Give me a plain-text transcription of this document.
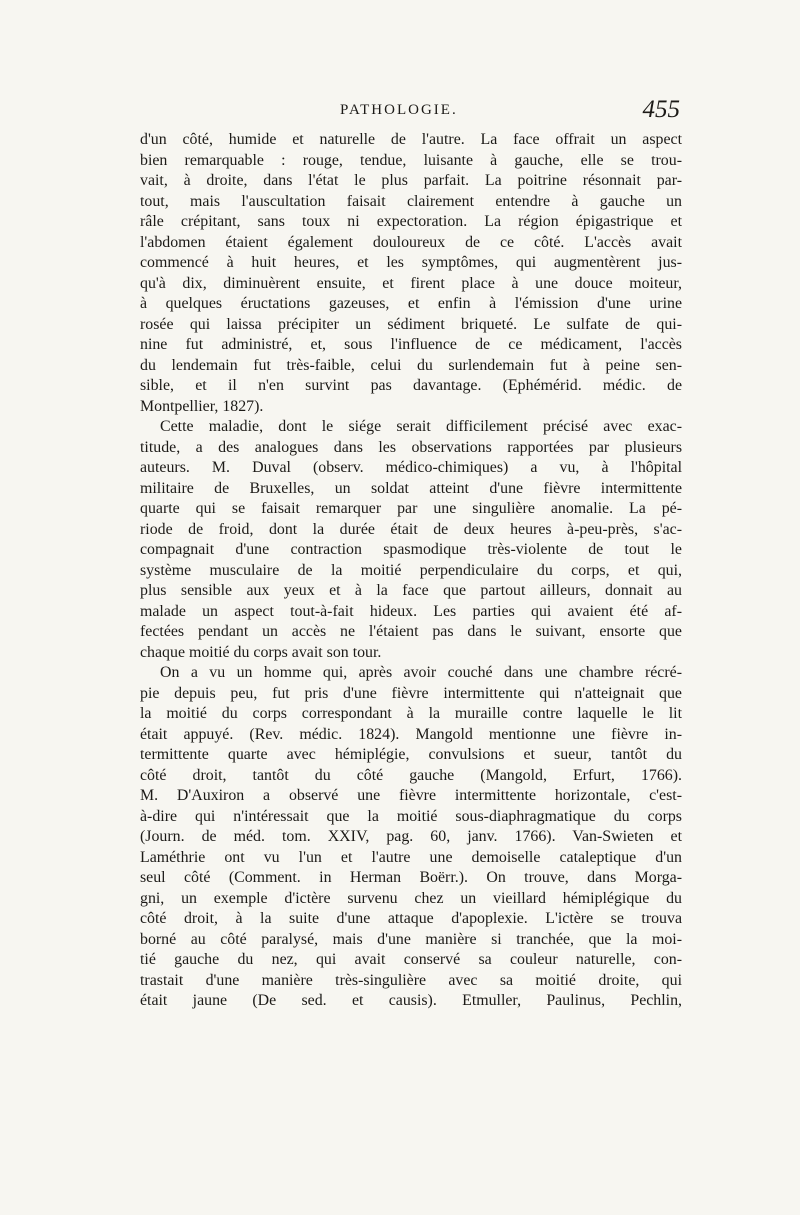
PATHOLOGIE.	455
d'un côté, humide et naturelle de l'autre. La face offrait un aspect
bien remarquable : rouge, tendue, luisante à gauche, elle se trou-
vait, à droite, dans l'état le plus parfait. La poitrine résonnait par-
tout, mais l'auscultation faisait clairement entendre à gauche un
râle crépitant, sans toux ni expectoration. La région épigastrique et
l'abdomen étaient également douloureux de ce côté. L'accès avait
commencé à huit heures, et les symptômes, qui augmentèrent jus-
qu'à dix, diminuèrent ensuite, et firent place à une douce moiteur,
à quelques éructations gazeuses, et enfin à l'émission d'une urine
rosée qui laissa précipiter un sédiment briqueté. Le sulfate de qui-
nine fut administré, et, sous l'influence de ce médicament, l'accès
du lendemain fut très-faible, celui du surlendemain fut à peine sen-
sible, et il n'en survint pas davantage. (Ephémérid. médic. de
Montpellier, 1827).
Cette maladie, dont le siége serait difficilement précisé avec exac-
titude, a des analogues dans les observations rapportées par plusieurs
auteurs. M. Duval (observ. médico-chimiques) a vu, à l'hôpital
militaire de Bruxelles, un soldat atteint d'une fièvre intermittente
quarte qui se faisait remarquer par une singulière anomalie. La pé-
riode de froid, dont la durée était de deux heures à-peu-près, s'ac-
compagnait d'une contraction spasmodique très-violente de tout le
système musculaire de la moitié perpendiculaire du corps, et qui,
plus sensible aux yeux et à la face que partout ailleurs, donnait au
malade un aspect tout-à-fait hideux. Les parties qui avaient été af-
fectées pendant un accès ne l'étaient pas dans le suivant, ensorte que
chaque moitié du corps avait son tour.
On a vu un homme qui, après avoir couché dans une chambre récré-
pie depuis peu, fut pris d'une fièvre intermittente qui n'atteignait que
la moitié du corps correspondant à la muraille contre laquelle le lit
était appuyé. (Rev. médic. 1824). Mangold mentionne une fièvre in-
termittente quarte avec hémiplégie, convulsions et sueur, tantôt du
côté droit, tantôt du côté gauche (Mangold, Erfurt, 1766).
M. D'Auxiron a observé une fièvre intermittente horizontale, c'est-
à-dire qui n'intéressait que la moitié sous-diaphragmatique du corps
(Journ. de méd. tom. XXIV, pag. 60, janv. 1766). Van-Swieten et
Laméthrie ont vu l'un et l'autre une demoiselle cataleptique d'un
seul côté (Comment. in Herman Boërr.). On trouve, dans Morga-
gni, un exemple d'ictère survenu chez un vieillard hémiplégique du
côté droit, à la suite d'une attaque d'apoplexie. L'ictère se trouva
borné au côté paralysé, mais d'une manière si tranchée, que la moi-
tié gauche du nez, qui avait conservé sa couleur naturelle, con-
trastait d'une manière très-singulière avec sa moitié droite, qui
était jaune (De sed. et causis). Etmuller, Paulinus, Pechlin,
